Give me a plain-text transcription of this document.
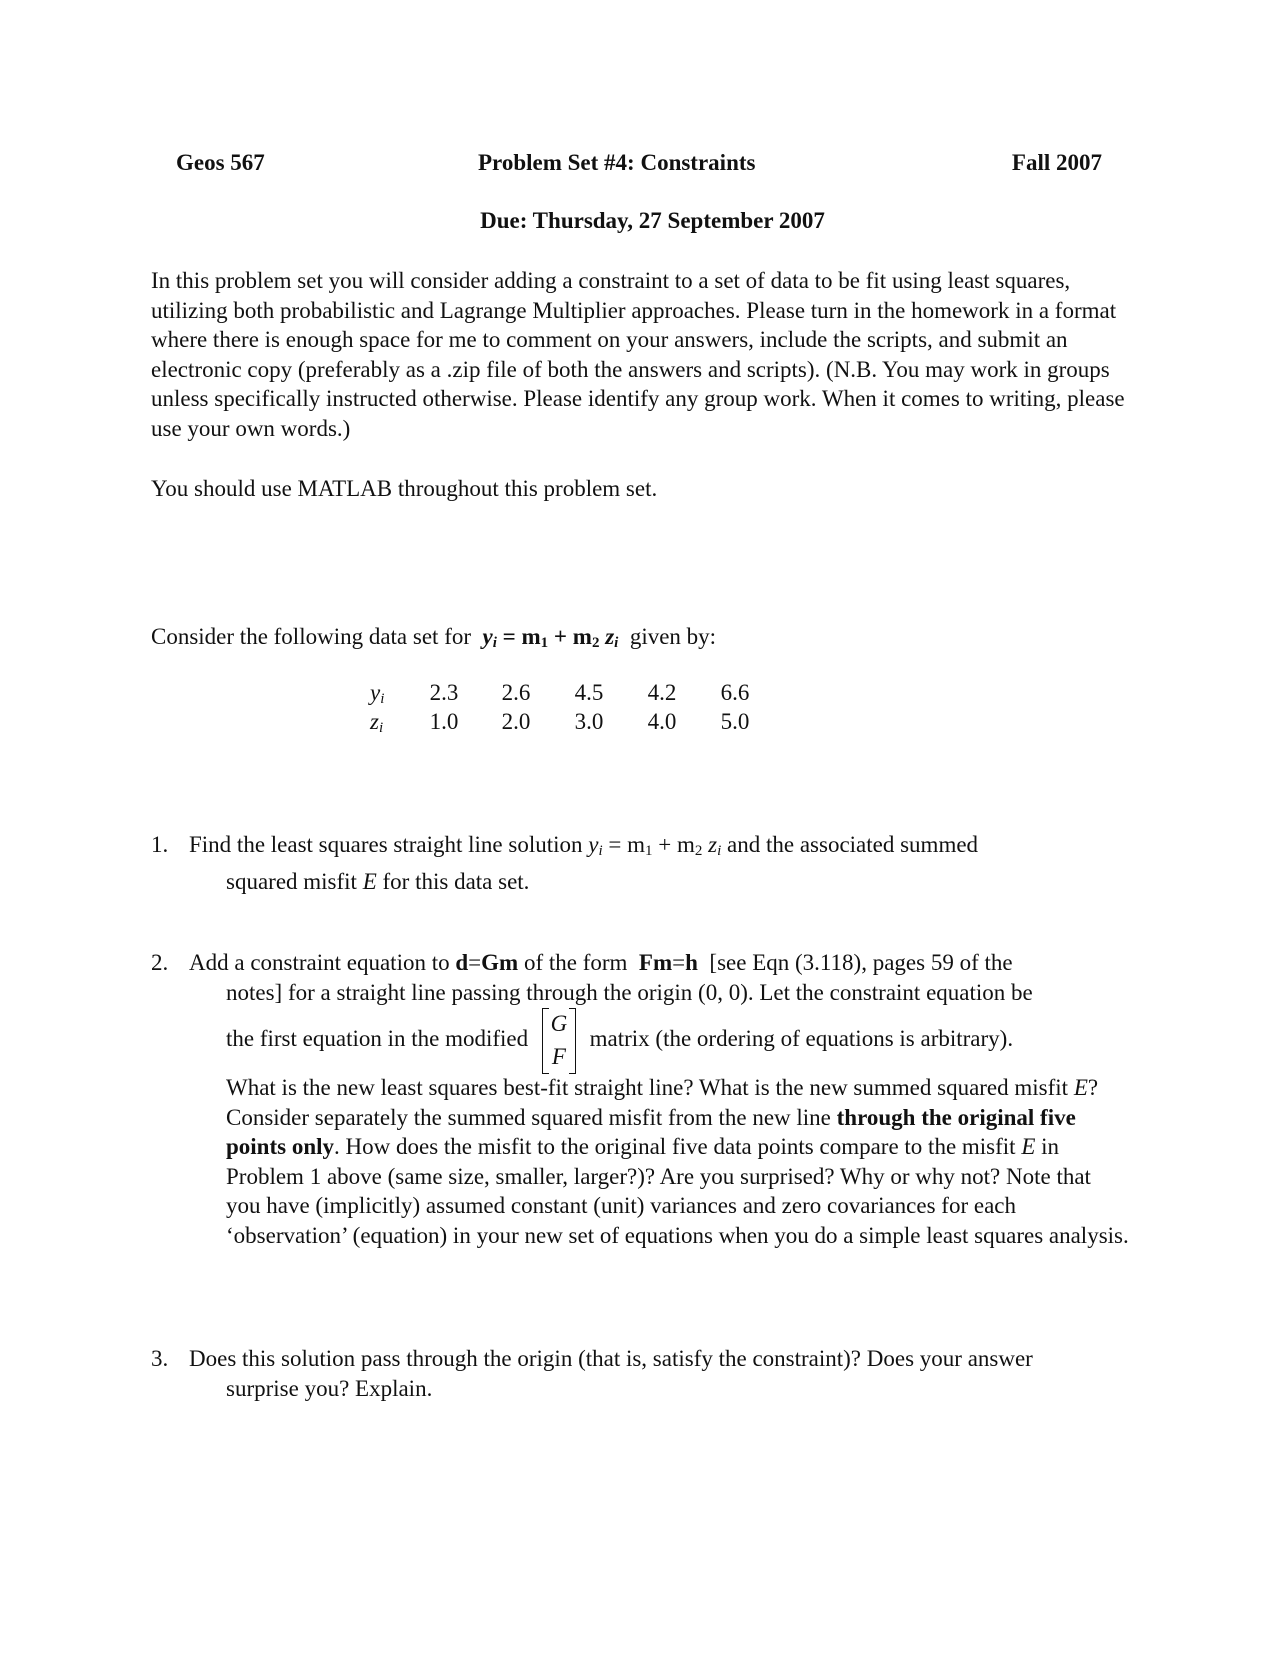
Geos 567	Problem Set #4: Constraints	Fall 2007
Due: Thursday, 27 September 2007
In this problem set you will consider adding a constraint to a set of data to be fit using least squares, utilizing both probabilistic and Lagrange Multiplier approaches. Please turn in the homework in a format where there is enough space for me to comment on your answers, include the scripts, and submit an electronic copy (preferably as a .zip file of both the answers and scripts). (N.B. You may work in groups unless specifically instructed otherwise. Please identify any group work. When it comes to writing, please use your own words.)
You should use MATLAB throughout this problem set.
Consider the following data set for $y_i = m_1 + m_2$ $z_i$ given by:
$y_i$	2.3	2.6	4.5	4.2	6.6
$z_i$	1.0	2.0	3.0	4.0	5.0
1. Find the least squares straight line solution $y_i = m_1 + m_2$ $z_i$ and the associated summed
squared misfit E for this data set.
2. Add a constraint equation to d=Gm of the form Fm=h [see Eqn (3.118), pages 59 of the
notes] for a straight line passing through the origin (0, 0). Let the constraint equation be
the first equation in the modified
G
F
matrix (the ordering of equations is arbitrary).
What is the new least squares best-fit straight line? What is the new summed squared misfit E? Consider separately the summed squared misfit from the new line through the original five points only. How does the misfit to the original five data points compare to the misfit E in Problem 1 above (same size, smaller, larger?)? Are you surprised? Why or why not? Note that you have (implicitly) assumed constant (unit) variances and zero covariances for each ‘observation’ (equation) in your new set of equations when you do a simple least squares analysis.
3. Does this solution pass through the origin (that is, satisfy the constraint)? Does your answer
surprise you? Explain.
